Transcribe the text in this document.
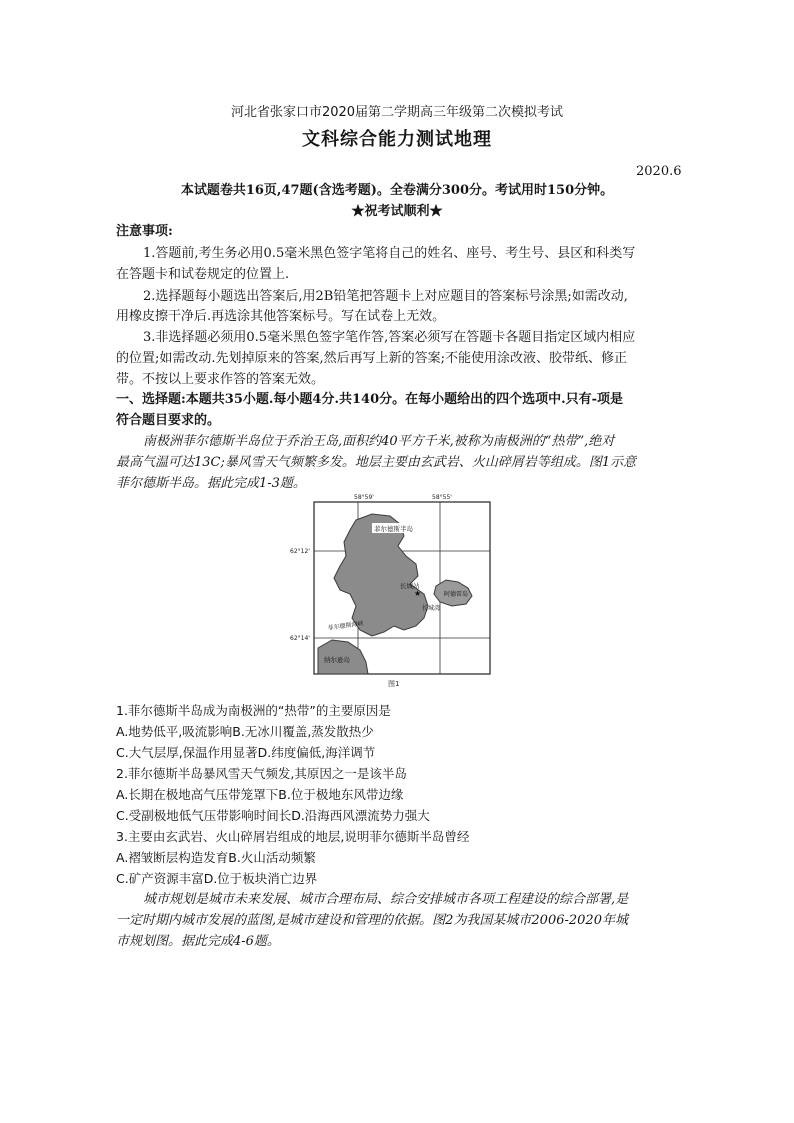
河北省张家口市2020届第二学期高三年级第二次模拟考试
文科综合能力测试地理
2020.6
本试题卷共16页,47题(含选考题)。全卷满分300分。考试用时150分钟。
★祝考试顺利★
注意事项:
1.答题前,考生务必用0.5毫米黑色签字笔将自己的姓名、座号、考生号、县区和科类写
在答题卡和试卷规定的位置上.
2.选择题每小题选出答案后,用2B铅笔把答题卡上对应题目的答案标号涂黑;如需改动,
用橡皮擦干净后.再选涂其他答案标号。写在试卷上无效。
3.非选择题必须用0.5毫米黑色签字笔作答,答案必须写在答题卡各题目指定区域内相应
的位置;如需改动.先划掉原来的答案,然后再写上新的答案;不能使用涂改液、胶带纸、修正
带。不按以上要求作答的答案无效。
一、选择题:本题共35小题.每小题4分.共140分。在每小题给出的四个选项中.只有-项是
符合题目要求的。
南极洲菲尔德斯半岛位于乔治王岛,面积约40平方千米,被称为南极洲的“热带”,绝对
最高气温可达13C;暴风雪天气频繁多发。地层主要由玄武岩、火山碎屑岩等组成。图1示意
菲尔德斯半岛。据此完成1-3题。
58°59'	58°55'
62°12'
62°14'
菲尔德斯半岛
长城站
★
长城湾
阿德雷岛
菲尔德斯海峡
纳尔逊岛
图1
1.菲尔德斯半岛成为南极洲的“热带”的主要原因是
A.地势低平,吸流影响B.无冰川覆盖,蒸发散热少
C.大气层厚,保温作用显著D.纬度偏低,海洋调节
2.菲尔德斯半岛暴风雪天气频发,其原因之一是该半岛
A.长期在极地高气压带笼罩下B.位于极地东风带边缘
C.受副极地低气压带影响时间长D.沿海西风漂流势力强大
3.主要由玄武岩、火山碎屑岩组成的地层,说明菲尔德斯半岛曾经
A.褶皱断层构造发育B.火山活动频繁
C.矿产资源丰富D.位于板块消亡边界
城市规划是城市未来发展、城市合理布局、综合安排城市各项工程建设的综合部署,是
一定时期内城市发展的蓝图,是城市建设和管理的依据。图2为我国某城市2006-2020年城
市规划图。据此完成4-6题。
